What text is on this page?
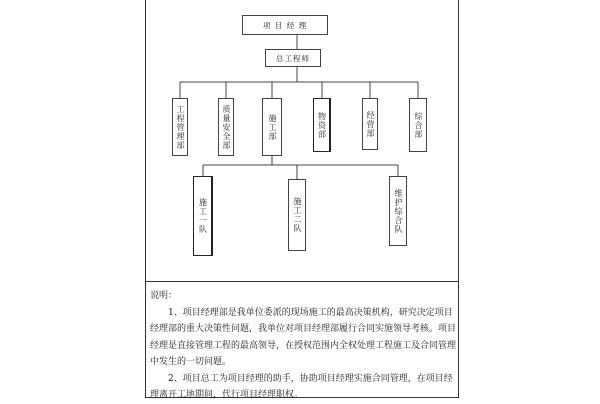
项 目 经 理
总工程师
工程管理部	质量安全部	施工部	物资部	经营部	综合部
施工一队	施工二队	维护综合队

说明：

1、项目经理部是我单位委派的现场施工的最高决策机构，研究决定项目经理部的重大决策性问题，我单位对项目经理部履行合同实施领导考核。项目经理是直接管理工程的最高领导，在授权范围内全权处理工程施工及合同管理中发生的一切问题。

2、项目总工为项目经理的助手，协助项目经理实施合同管理，在项目经理离开工地期间，代行项目经理职权。
